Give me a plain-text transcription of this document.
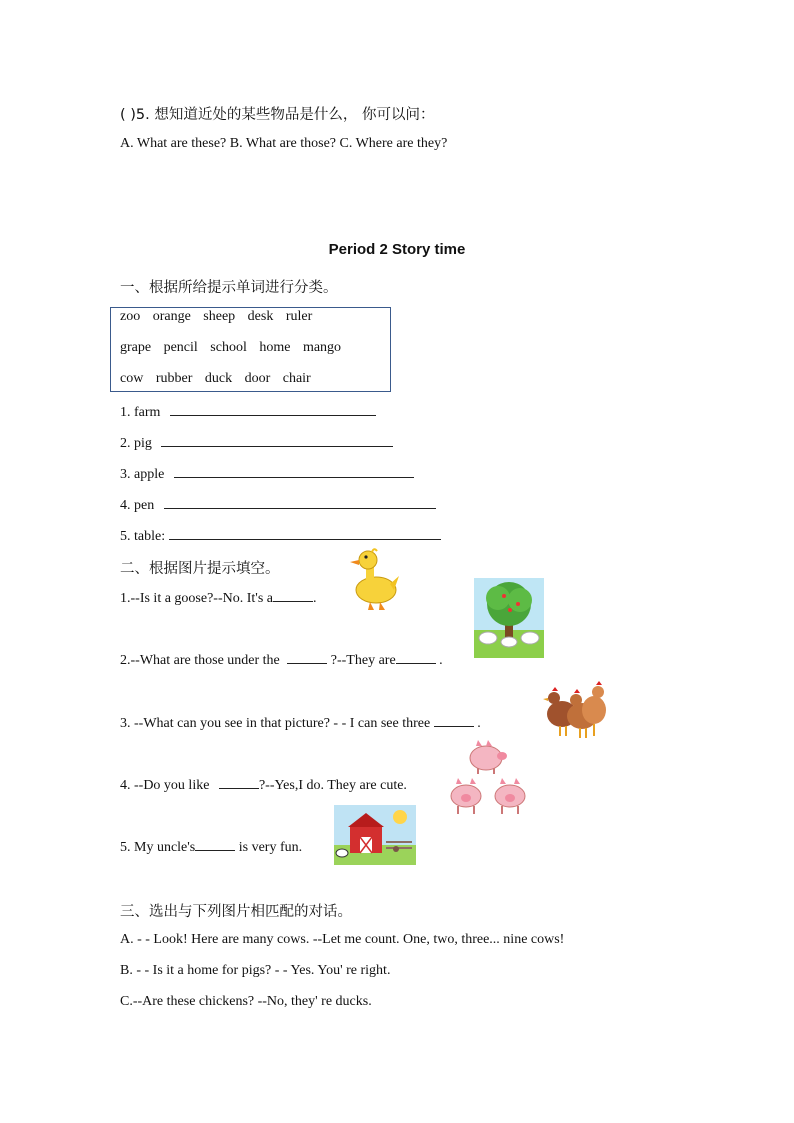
( )5. 想知道近处的某些物品是什么， 你可以问：
A. What are these? B. What are those? C. Where are they?
Period 2 Story time
一、根据所给提示单词进行分类。
zoo orange sheep desk ruler
grape pencil school home mango
cow rubber duck door chair
1. farm
2. pig
3. apple
4. pen
5. table:
二、根据图片提示填空。
1.--Is it a goose?--No. It's a	.
2.--What are those under the	?--They are	.
3. --What can you see in that picture? - - I can see three	.
4. --Do you like	?--Yes,I do. They are cute.
5. My uncle's	is very fun.
三、选出与下列图片相匹配的对话。
A. - - Look! Here are many cows. --Let me count. One, two, three... nine cows!
B. - - Is it a home for pigs? - - Yes. You' re right.
C.--Are these chickens? --No, they' re ducks.
